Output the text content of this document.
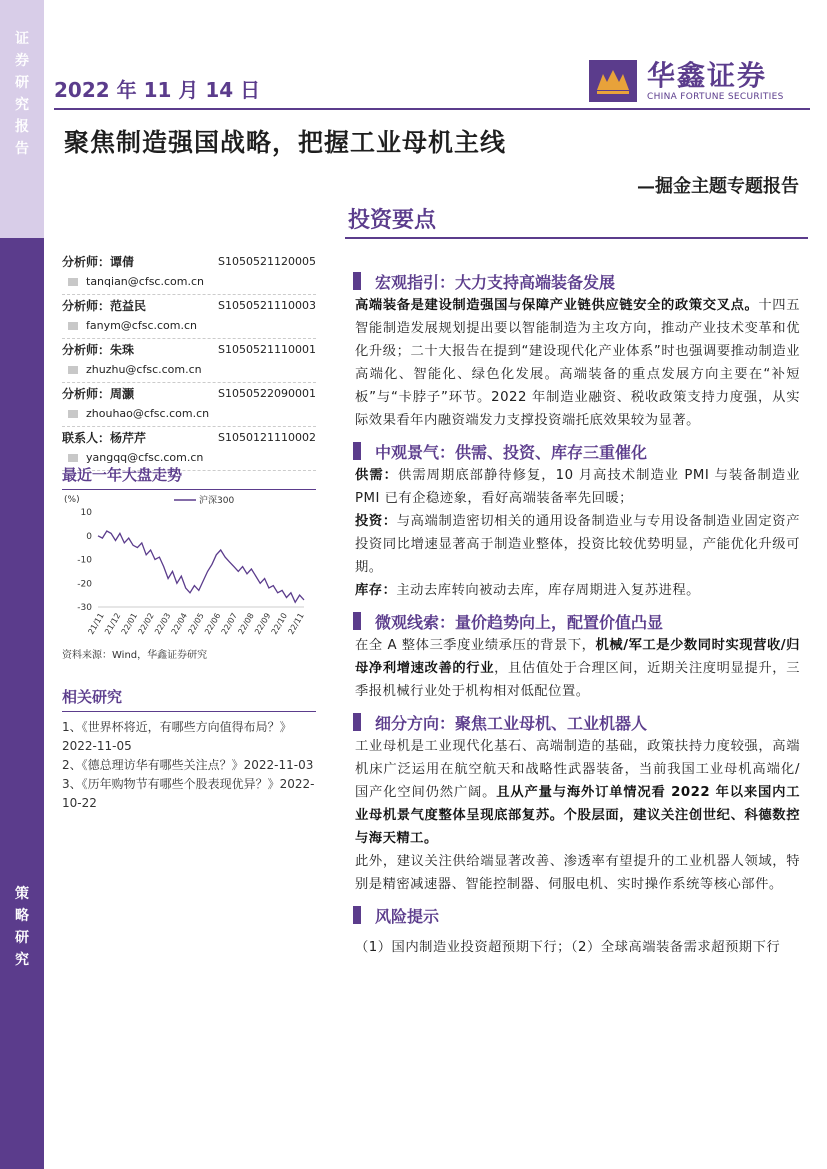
证
券
研
究
报
告
策
略
研
究
2022 年 11 月 14 日	华鑫证券
CHINA FORTUNE SECURITIES
聚焦制造强国战略，把握工业母机主线
—掘金主题专题报告
投资要点
分析师：谭倩	S1050521120005
tanqian@cfsc.com.cn
分析师：范益民	S1050521110003
fanym@cfsc.com.cn
分析师：朱珠	S1050521110001
zhuzhu@cfsc.com.cn
分析师：周灏	S1050522090001
zhouhao@cfsc.com.cn
联系人：杨芹芹	S1050121110002
yangqq@cfsc.com.cn
最近一年大盘走势
(%)	沪深300
10
0
-10
-20
-30
21/11
21/12
22/01
22/02
22/03
22/04
22/05
22/06
22/07
22/08
22/09
22/10
22/11
资料来源：Wind，华鑫证券研究
相关研究
1、《世界杯将近，有哪些方向值得布局？》2022-11-05
2、《德总理访华有哪些关注点？》2022-11-03
3、《历年购物节有哪些个股表现优异？》2022-10-22
宏观指引：大力支持高端装备发展
高端装备是建设制造强国与保障产业链供应链安全的政策交叉点。十四五智能制造发展规划提出要以智能制造为主攻方向，推动产业技术变革和优化升级；二十大报告在提到“建设现代化产业体系”时也强调要推动制造业高端化、智能化、绿色化发展。高端装备的重点发展方向主要在“补短板”与“卡脖子”环节。2022 年制造业融资、税收政策支持力度强，从实际效果看年内融资端发力支撑投资端托底效果较为显著。
中观景气：供需、投资、库存三重催化
供需：供需周期底部静待修复，10 月高技术制造业 PMI 与装备制造业 PMI 已有企稳迹象，看好高端装备率先回暖；
投资：与高端制造密切相关的通用设备制造业与专用设备制造业固定资产投资同比增速显著高于制造业整体，投资比较优势明显，产能优化升级可期。
库存：主动去库转向被动去库，库存周期进入复苏进程。
微观线索：量价趋势向上，配置价值凸显
在全 A 整体三季度业绩承压的背景下，机械/军工是少数同时实现营收/归母净利增速改善的行业，且估值处于合理区间，近期关注度明显提升，三季报机械行业处于机构相对低配位置。
细分方向：聚焦工业母机、工业机器人
工业母机是工业现代化基石、高端制造的基础，政策扶持力度较强，高端机床广泛运用在航空航天和战略性武器装备，当前我国工业母机高端化/国产化空间仍然广阔。且从产量与海外订单情况看 2022 年以来国内工业母机景气度整体呈现底部复苏。个股层面，建议关注创世纪、科德数控与海天精工。
此外，建议关注供给端显著改善、渗透率有望提升的工业机器人领域，特别是精密减速器、智能控制器、伺服电机、实时操作系统等核心部件。
风险提示
（1）国内制造业投资超预期下行；（2）全球高端装备需求超预期下行
